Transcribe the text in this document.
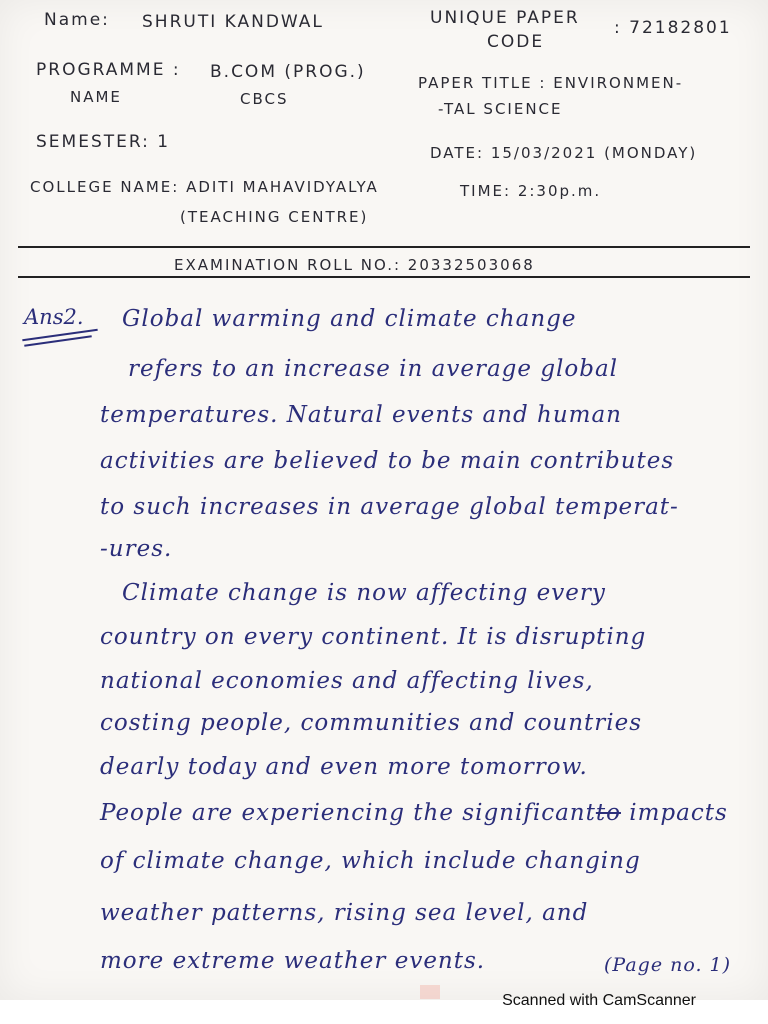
Name: SHRUTI KANDWAL	UNIQUE PAPER
CODE
: 72182801
PROGRAMME :
NAME
B.COM (PROG.)
CBCS
PAPER TITLE : ENVIRONMEN-
-TAL SCIENCE
SEMESTER: 1
DATE: 15/03/2021 (MONDAY)
COLLEGE NAME: ADITI MAHAVIDYALYA
(TEACHING CENTRE)
TIME: 2:30p.m.
EXAMINATION ROLL NO.: 20332503068
Ans2. Global warming and climate change
refers to an increase in average global
temperatures. Natural events and human
activities are believed to be main contributes
to such increases in average global temperat-
-ures.
Climate change is now affecting every
country on every continent. It is disrupting
national economies and affecting lives,
costing people, communities and countries
dearly today and even more tomorrow.
People are experiencing the significantto impacts
of climate change, which include changing
weather patterns, rising sea level, and
more extreme weather events.	(Page no. 1)
Scanned with CamScanner
